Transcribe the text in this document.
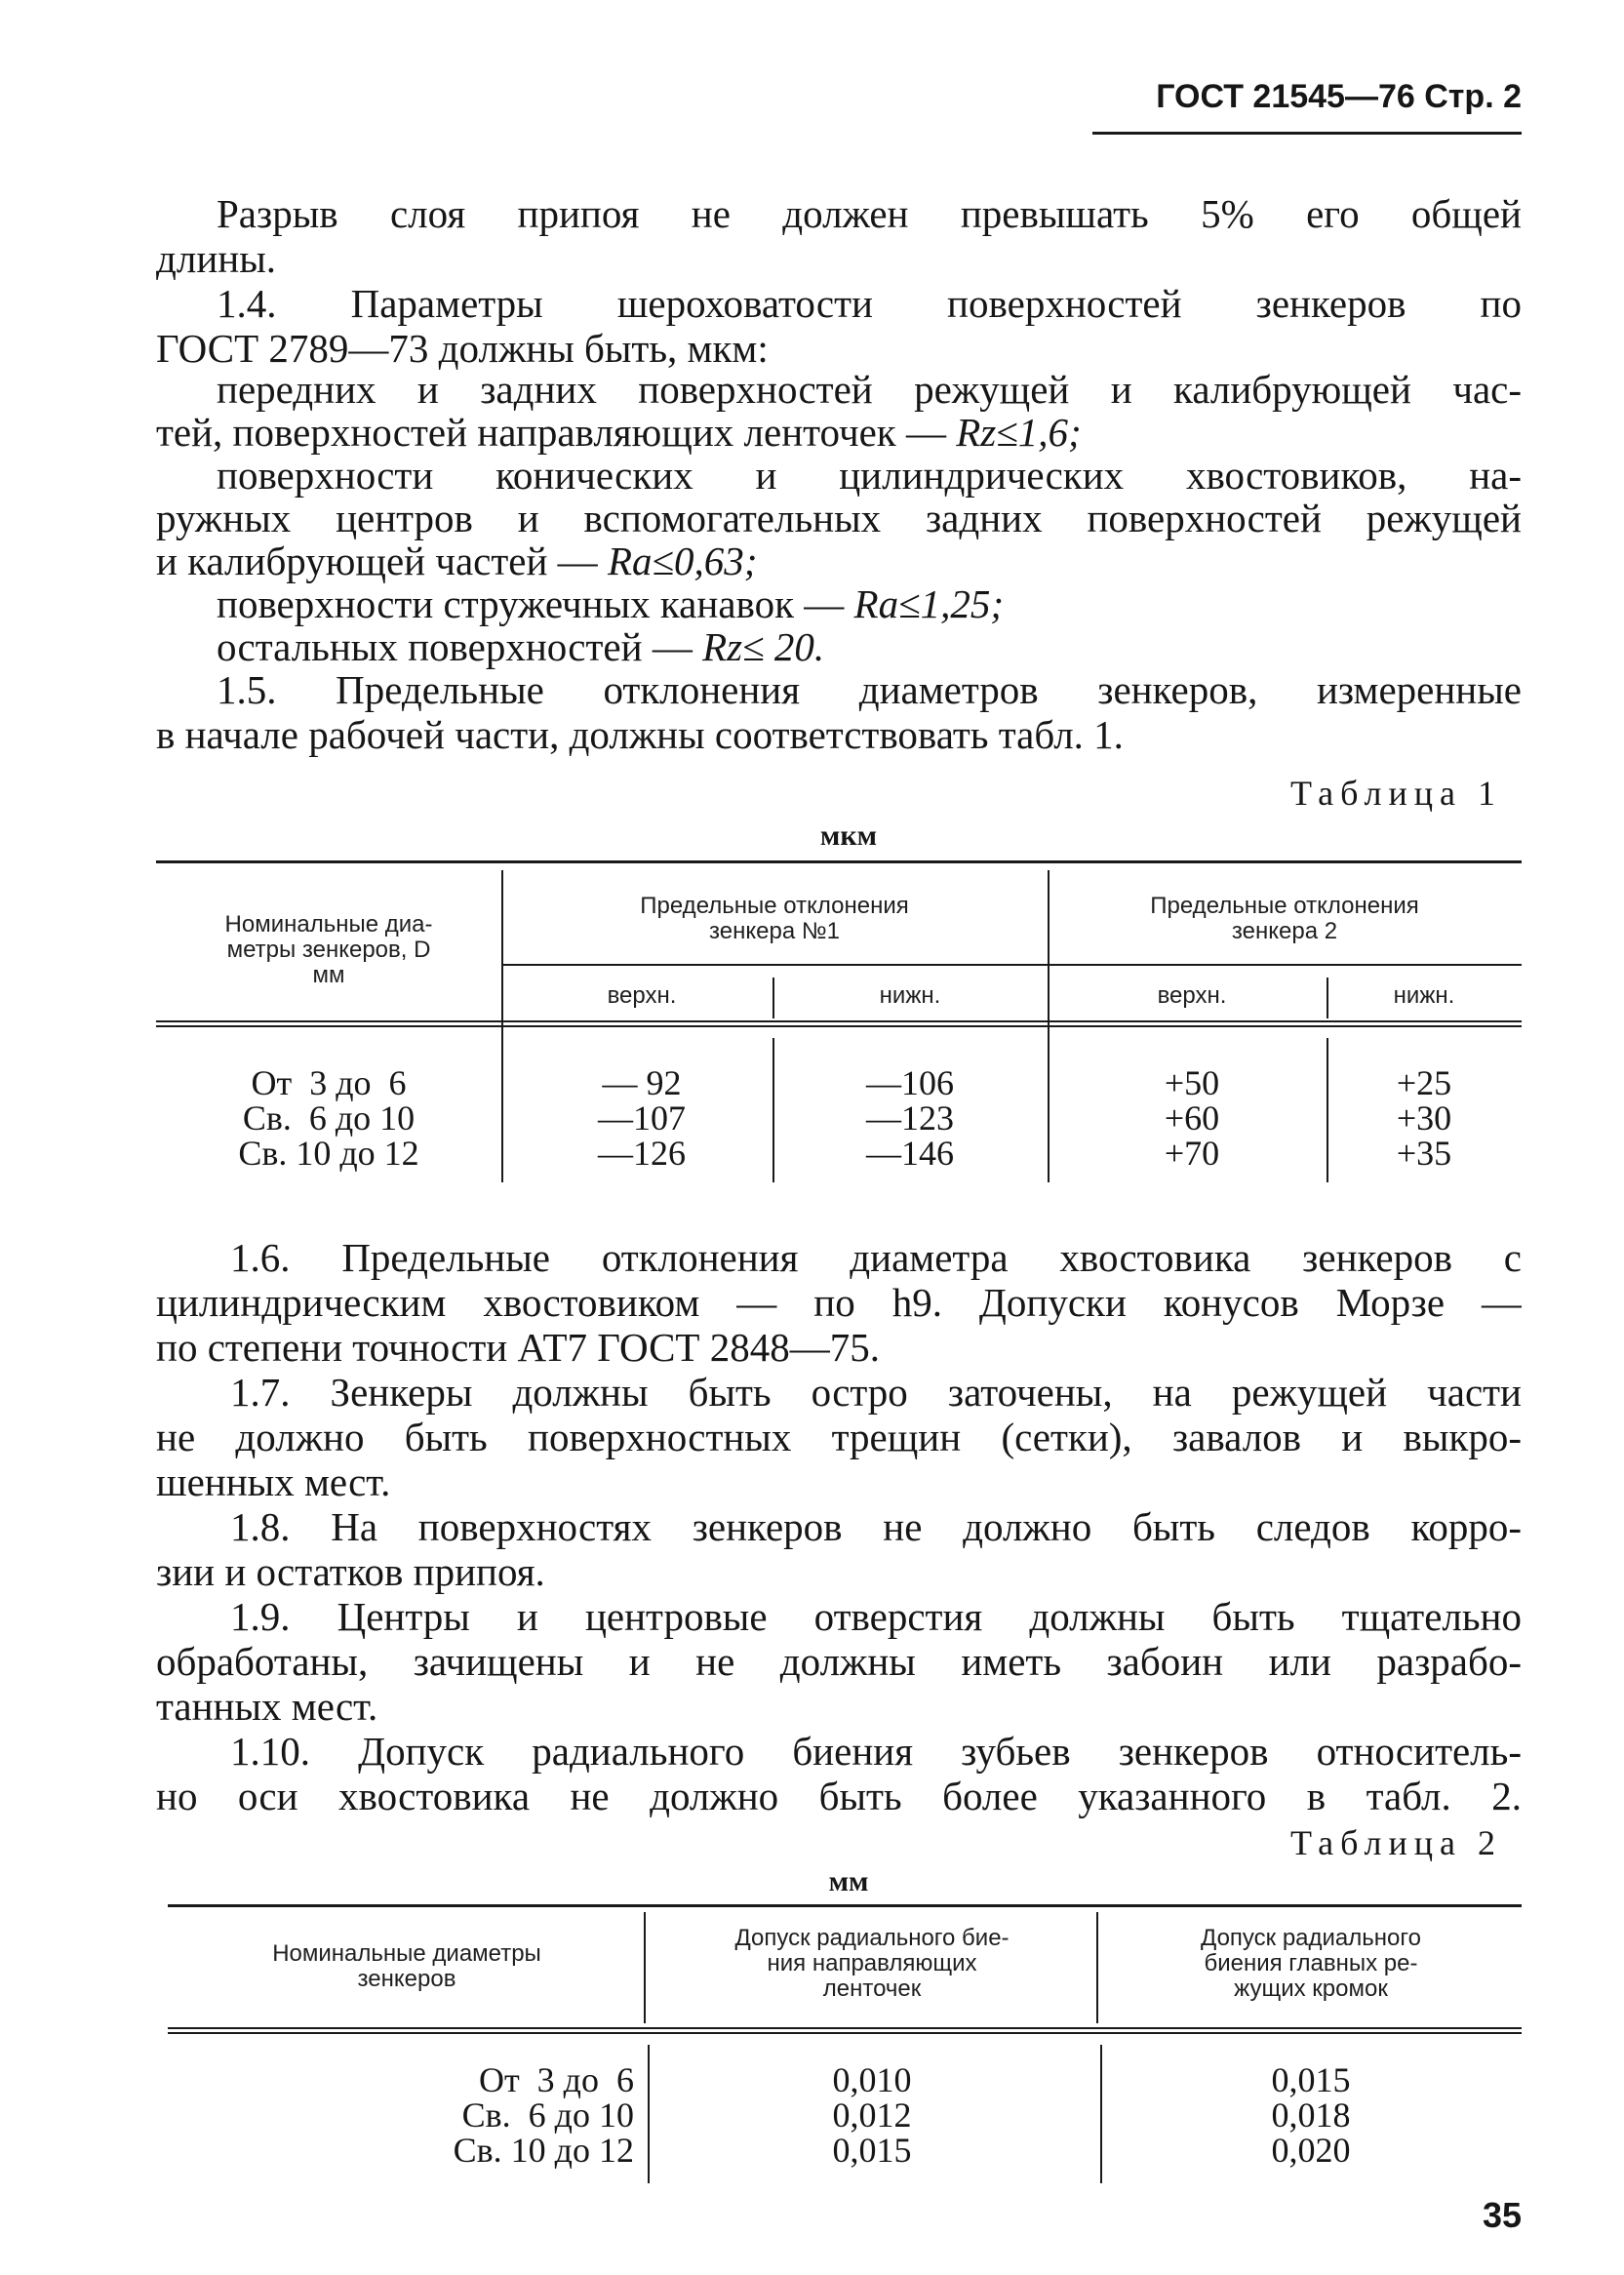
ГОСТ 21545—76 Стр. 2
Разрыв слоя припоя не должен превышать 5% его общей
длины.
1.4. Параметры шероховатости поверхностей зенкеров по
ГОСТ 2789—73 должны быть, мкм:
передних и задних поверхностей режущей и калибрующей час-
тей, поверхностей направляющих ленточек — Rz≤1,6;
поверхности конических и цилиндрических хвостовиков, на-
ружных центров и вспомогательных задних поверхностей режущей
и калибрующей частей — Ra≤0,63;
поверхности стружечных канавок — Ra≤1,25;
остальных поверхностей — Rz≤ 20.
1.5. Предельные отклонения диаметров зенкеров, измеренные
в начале рабочей части, должны соответствовать табл. 1.
Таблица 1
мкм
Номинальные диа-
метры зенкеров, D
мм
Предельные отклонения
зенкера №1
Предельные отклонения
зенкера 2
верхн.	нижн.	верхн.	нижн.
От  3 до  6	— 92	—106	+50	+25
Св.  6 до 10	—107	—123	+60	+30
Св. 10 до 12	—126	—146	+70	+35
1.6. Предельные отклонения диаметра хвостовика зенкеров с
цилиндрическим хвостовиком — по h9. Допуски конусов Морзе —
по степени точности АТ7 ГОСТ 2848—75.
1.7. Зенкеры должны быть остро заточены, на режущей части
не должно быть поверхностных трещин (сетки), завалов и выкро-
шенных мест.
1.8. На поверхностях зенкеров не должно быть следов корро-
зии и остатков припоя.
1.9. Центры и центровые отверстия должны быть тщательно
обработаны, зачищены и не должны иметь забоин или разрабо-
танных мест.
1.10. Допуск радиального биения зубьев зенкеров относитель-
но оси хвостовика не должно быть более указанного в табл. 2.
Таблица 2
мм
Номинальные диаметры
зенкеров
Допуск радиального бие-
ния направляющих
ленточек
Допуск радиального
биения главных ре-
жущих кромок
От  3 до  6	0,010	0,015
Св.  6 до 10	0,012	0,018
Св. 10 до 12	0,015	0,020
35
